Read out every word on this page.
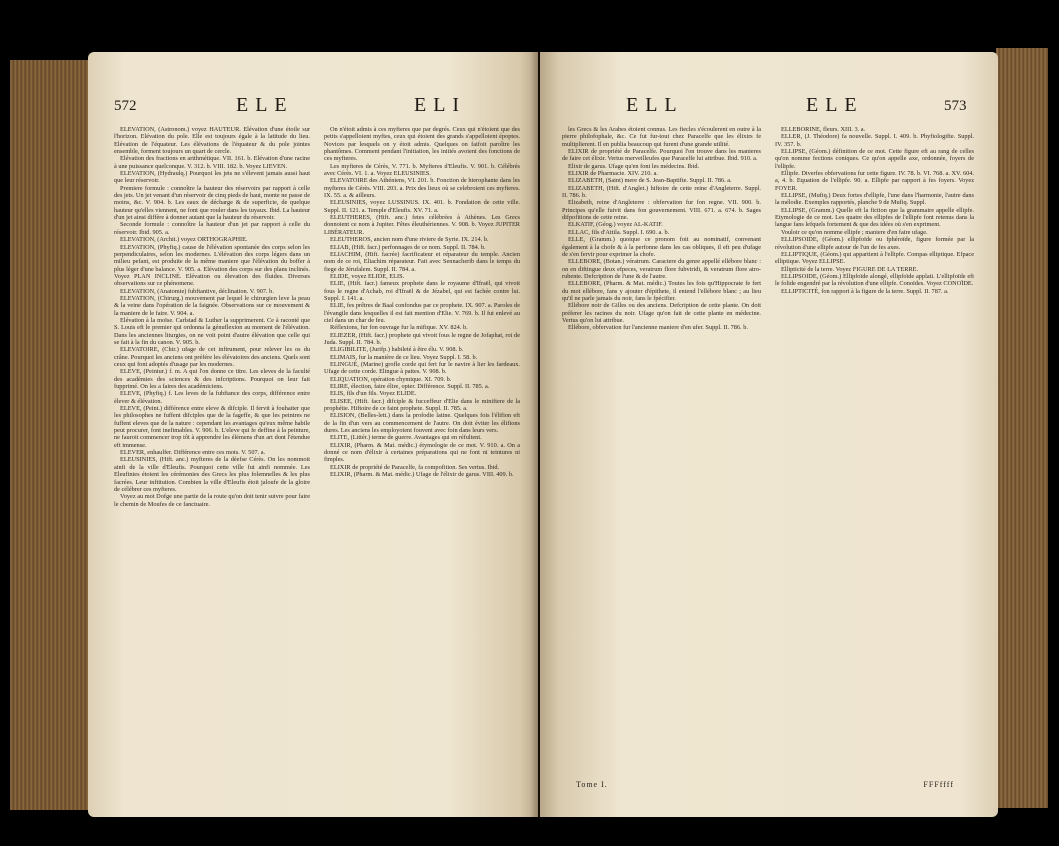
572	ELE	ELI

ELEVATION, (Astronom.) voyez HAUTEUR. Elévation d'une étoile sur l'horizon. Elévation du pole. Elle est toujours égale à la latitude du lieu. Elévation de l'équateur. Les élévations de l'équateur & du pole jointes ensemble, forment toujours un quart de cercle.

Elévation des fractions en arithmétique. VII. 161. b. Elévation d'une racine à une puissance quelconque. V. 312. b. VIII. 182. b. Voyez LIEVEN.

ELEVATION, (Hydraulq.) Pourquoi les jets ne s'élevent jamais aussi haut que leur réservoir.

Premiere formule : connoître la hauteur des réservoirs par rapport à celle des jets. Un jet venant d'un réservoir de cinq pieds de haut, monte ne passe de moins, &c. V. 904. b. Les eaux de décharge & de superficie, de quelque hauteur qu'elles viennent, ne font que rouler dans les tuyaux. Ibid. La hauteur d'un jet ainsi diffère à donner autant que la hauteur du réservoir.

Seconde formule : connoître la hauteur d'un jet par rapport à celle du réservoir. Ibid. 905. a.

ELEVATION, (Archit.) voyez ORTHOGRAPHIE.

ELEVATION, (Phyfiq.) cause de l'élévation spontanée des corps selon les perpendiculaires, selon les modernes. L'élévation des corps légers dans un milieu pefant, est produite de la même maniere que l'élévation du boffer à plus léger d'une balance. V. 905. a. Elévation des corps sur des plans inclinés. Voyez PLAN INCLINÉ. Elévation ou élevation des fluides. Diverses observations sur ce phénomene.

ELEVATION, (Anatomie) fubftantive, déclination. V. 907. b.

ELEVATION, (Chirurg.) mouvement par lequel le chirurgien leve la peau & la veine dans l'opération de la faignée. Observations sur ce mouvement & la maniere de le faire. V. 904. a.

Elévation à la moïse. Carlstad & Luther la supprimerent. Ce à raconté que S. Louis eft le premier qui ordonna la génuflexion au moment de l'élévation. Dans les anciennes liturgies, on ne voit point d'autre élévation que celle qui se fait à la fin du canon. V. 905. b.

ELEVATOIRE, (Chir.) ufage de cet inftrument, pour relever les os du crâne. Pourquoi les anciens ont préfére les élévatoires des anciens. Quels sont ceux qui font adoptés d'usage par les modernes.

ELEVE, (Peintur.) f. m. A qui l'on donne ce titre. Les eleves de la faculté des académies des sciences & des infcriptions. Pourquoi on leur fait fupprimé. On les a faires des académiciens.

ELEVE, (Phyfiq.) f. Les leves de la fubftance des corps, différence entre élever & élévation.

ELEVE, (Peint.) différence entre eleve & difciple. Il fervit à fouhaiter que les philosophes ne fuffent difciples que de la fageffe, & que les peintres ne fuffent eleves que de la nature : cependant les avantages qu'eux même habile peut procurer, font inefimables. V. 906. b. L'eleve qui fe deffine à la peinture, ne fauroit commencer trop tôt à apprendre les élémens d'un art dont l'étendue eft immense.

ELEVER, enhaulfer. Différence entre ces mots. V. 507. a.

ELEUSINIES, (Hift. anc.) myfteres de la déefse Cérès. On les nommoit ainfi de la ville d'Eleufis. Pourquoi cette ville fut ainfi nommée. Les Eleufinies étoient les cérémonies des Grecs les plus folemnelles & les plus facrées. Leur inftitution. Combien la ville d'Eleufis étoit jaloufe de la gloire de célébrer ces myfteres.

Voyez au mot Dofge une partie de la route qu'on doit tenir suivre pour faire le chemin de Moufes de ce fanctuaire.

On n'étoit admis à ces myfteres que par degrés. Ceux qui n'étoient que des petits s'appelloient myftes, ceux qui étoient des grands s'appelloient époptes. Novices par lesquels on y étoit admis. Quelques on faifoit paroître les phantômes. Comment pendant l'initiation, les initiés avoient des fonctions de ces myfteres.

Les myfteres de Cérès, V. 771. b. Myfteres d'Eleufis. V. 901. b. Célébrés avec Cérès. VI. 1. a. Voyez ELEUSINIES.

ELEVATOIRE des Athéniens, VI. 201. b. Fonction de hierophante dans les myfteres de Cérès. VIII. 203. a. Prix des lieux où se celebroient ces myfteres. IX. 55. a. & ailleurs.

ELEUSINIES, voyez LUSSINUS. IX. 401. b. Fondation de cette ville. Suppl. II. 121. a. Temple d'Eleufis. XV. 71. a.

ELEUTHERES, (Hift. anc.) fetes célébrées à Athènes. Les Grecs donnoient ce nom à Jupiter. Fêtes éleuthériennes. V. 908. b. Voyez JUPITER LIBÉRATEUR.

ELEUTHEROS, ancien nom d'une riviere de Syrie. IX. 214. b.

ELIAB, (Hift. facr.) perfonnages de ce nom. Suppl. II. 784. b.

ELIACHIM, (Hift. facrée) facrificateur et réparateur du temple. Ancien nom de ce roi, Eliachim réparateur. Fait avec Sennacherib dans le temps du fiege de Jérufalem. Suppl. II. 784. a.

ELIDE, voyez ELIDE, ELIS.

ELIE, (Hift. facr.) fameux prophete dans le royaume d'Ifraël, qui vivoit fous le regne d'Achab, roi d'Ifraël & de Jézabel, qui est fachée contre lui. Suppl. I. 141. a.

ELIE, fes prêtres de Baal confondus par ce prophete. IX. 907. a. Paroles de l'évangile dans lesquelles il est fait mention d'Elie. V. 769. b. Il fut enlevé au ciel dans un char de feu.

Réflexions, fur fon ouvrage fur la mifique. XV. 824. b.

ELIEZER, (Hift. facr.) prophete qui vivoit fous le regne de Jofaphat, roi de Juda. Suppl. II. 784. b.

ELIGIBILITE, (Jurifp.) habileté à être élu. V. 908. b.

ELIMAIS, fur la manière de ce lieu. Voyez Suppl. I. 58. b.

ELINGUÉ, (Marine) grofle corde qui fert fur le navire à lier les fardeaux. Ufage de cette corde. Elingue à pattes. V. 908. b.

ELIQUATION, opération chymique. XI. 709. b.

ELIRE, élection, faire élire, opter. Différence. Suppl. II. 785. a.

ELIS, fils d'un fils. Voyez ELIDE.

ELISEE, (Hift. facr.) difciple & fucceffeur d'Elie dans le miniftere de la prophétie. Hiftoire de ce faint prophete. Suppl. II. 785. a.

ELISION, (Belles-lett.) dans la profodie latine. Quelques fois l'élifion eft de la fin d'un vers au commencement de l'autre. On doit éviter les élifions dures. Les anciens les employoient fouvent avec foin dans leurs vers.

ELITE, (Littér.) terme de guerre. Avantages qui en réfultent.

ELIXIR, (Pharm. & Mat. médic.) étymologie de ce mot. V. 910. a. On a donné ce nom d'élixir à certaines préparations qui ne font ni teintures ni fimples.

ELIXIR de propriété de Paracelfe, fa compofition. Ses vertus. Ibid.

ELIXIR, (Pharm. & Mat. médic.) Ufage de l'élixir de garus. VIII. 409. b.

ELL	ELE	573

les Grecs & les Arabes étoient connus. Les fiecles s'écoulerent en outre à la pierre philofophale, &c. Ce fut fur-tout chez Paracelfe que les élixirs fe multiplierent. Il en publia beaucoup qui furent d'une grande utilité.

ELIXIR de propriété de Paracelfe. Pourquoi l'on trouve dans les manieres de faire cet élixir. Vertus merveilleufes que Paracelfe lui attribue. Ibid. 910. a.

Elixir de garus. Ufage qu'en font les médecins. Ibid.

ELIXIR de Pharmacie. XIV. 210. a.

ELIZABETH, (Saint) mere de S. Jean-Baptifte. Suppl. II. 786. a.

ELIZABETH, (Hift. d'Anglet.) hiftoire de cette reine d'Angleterre. Suppl. II. 786. b.

Elizabeth, reine d'Angleterre : obfervation fur fon regne. VII. 900. b. Principes qu'elle fuivit dans fon gouvernement. VIII. 671. a. 674. b. Sages difpofitions de cette reine.

ELKATIF, (Géog.) voyez AL-KATIF.

ELLAC, fils d'Attila. Suppl. I. 690. a. b.

ELLE, (Gramm.) quoique ce pronom foit au nominatif, convenant également à la chofe & à la perfonne dans les cas obliques, il eft peu d'ufage de s'en fervir pour exprimer la chofe.

ELLEBORE, (Botan.) vératrum. Caractere du genre appellé ellébore blanc : on en diftingue deux efpeces, veratrum flore fubviridi, & veratrum flore atro-rubente. Defcription de l'une & de l'autre.

ELLEBORE, (Pharm. & Mat. médic.) Toutes les fois qu'Hippocrate fe fert du mot ellébore, fans y ajouter d'épithete, il entend l'ellébore blanc ; au lieu qu'il ne parle jamais du noir, fans le fpécifier.

Ellébore noir de Gilles ou des anciens. Defcription de cette plante. On doit préferer les racines du noir. Ufage qu'on fait de cette plante en médecine. Vertus qu'on lui attribue.

Ellébore, obfervation fur l'ancienne maniere d'en ufer. Suppl. II. 786. b.

ELLEBORINE, fleurs. XIII. 3. a.

ELLER, (J. Théodore) fa nouvelle. Suppl. I. 409. b. Phyfiologifte. Suppl. IV. 357. b.

ELLIPSE, (Géom.) définition de ce mot. Cette figure eft au rang de celles qu'on nomme fections coniques. Ce qu'on appelle axe, ordonnée, foyers de l'ellipfe.

Ellipfe. Diverfes obfervations fur cette figure. IV. 78. b. VI. 768. a. XV. 604. a, 4. b. Equation de l'ellipfe. 90. a. Ellipfe par rapport à fes foyers. Voyez FOYER.

ELLIPSE, (Mufiq.) Deux fortes d'ellipfe, l'une dans l'harmonie, l'autre dans la mélodie. Exemples rapportés, planche 9 de Mufiq. Suppl.

ELLIPSE, (Gramm.) Quelle eft la fiction que la grammaire appelle ellipfe. Etymologie de ce mot. Les quatre des ellipfes de l'ellipfe font retenus dans la langue fans lefquels fortement & que des idées où s'en expriment.

Vouloir ce qu'on nomme ellipfe ; maniere d'en faire ufage.

ELLIPSOIDE, (Géom.) ellipfoïde ou fphéroïde, figure formée par la révolution d'une ellipfe autour de l'un de fes axes.

ELLIPTIQUE, (Géom.) qui appartient à l'ellipfe. Compas elliptique. Efpace elliptique. Voyez ELLIPSE.

Ellipticité de la terre. Voyez FIGURE DE LA TERRE.

ELLIPSOIDE, (Géom.) Ellipfoïde alongé, ellipfoïde applati. L'ellipfoïde eft le folide engendré par la révolution d'une ellipfe. Conoïdes. Voyez CONOÏDE.

ELLIPTICITÉ, fon rapport à la figure de la terre. Suppl. II. 787. a.

Tome I.	FFFffff
